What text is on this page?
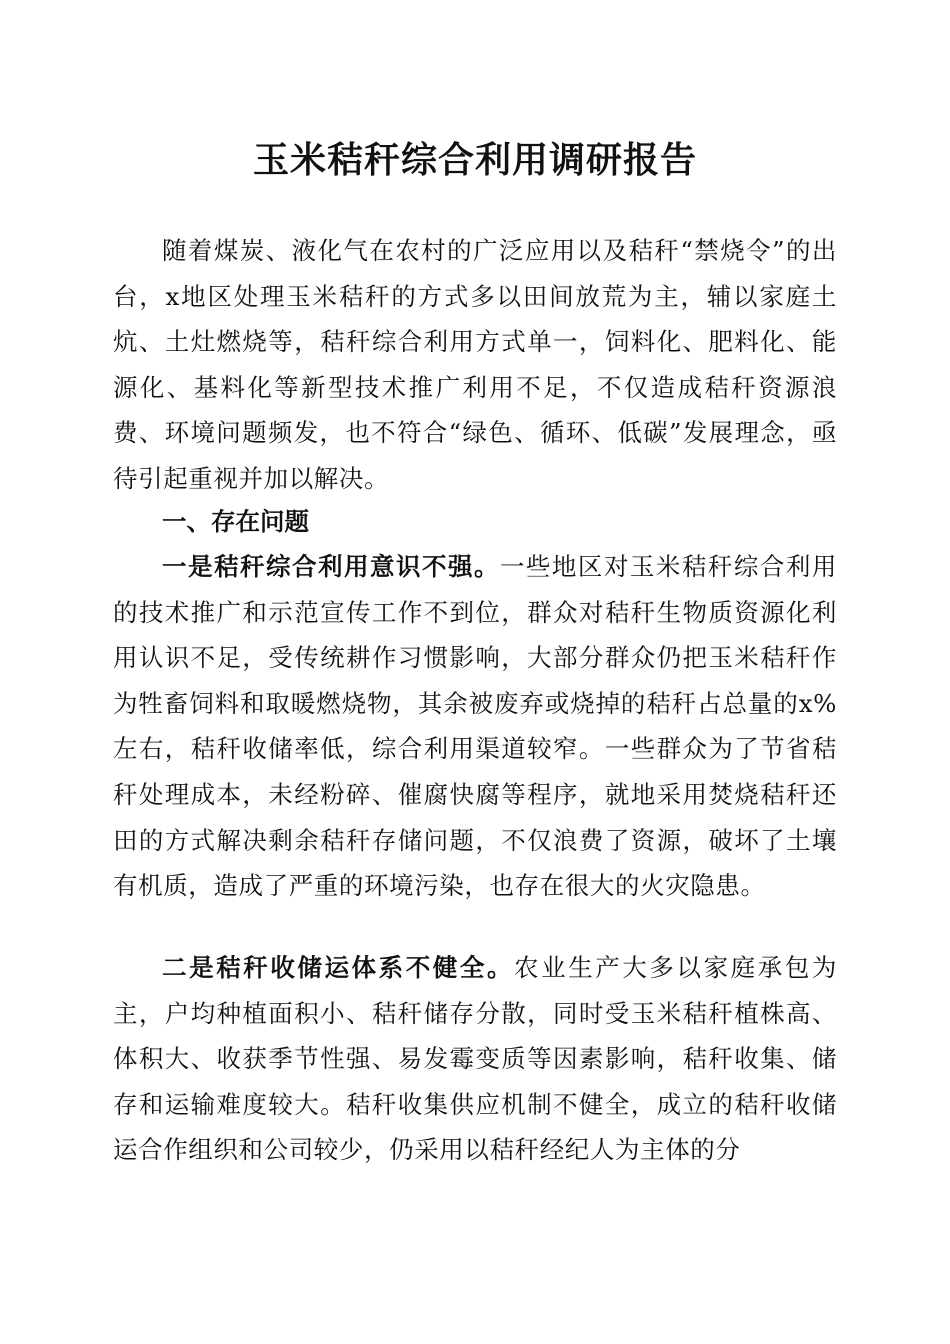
玉米秸秆综合利用调研报告

随着煤炭、液化气在农村的广泛应用以及秸秆“禁烧令”的出台，x地区处理玉米秸秆的方式多以田间放荒为主，辅以家庭土炕、土灶燃烧等，秸秆综合利用方式单一，饲料化、肥料化、能源化、基料化等新型技术推广利用不足，不仅造成秸秆资源浪费、环境问题频发，也不符合“绿色、循环、低碳”发展理念，亟待引起重视并加以解决。

一、存在问题

一是秸秆综合利用意识不强。一些地区对玉米秸秆综合利用的技术推广和示范宣传工作不到位，群众对秸秆生物质资源化利用认识不足，受传统耕作习惯影响，大部分群众仍把玉米秸秆作为牲畜饲料和取暖燃烧物，其余被废弃或烧掉的秸秆占总量的x%左右，秸秆收储率低，综合利用渠道较窄。一些群众为了节省秸秆处理成本，未经粉碎、催腐快腐等程序，就地采用焚烧秸秆还田的方式解决剩余秸秆存储问题，不仅浪费了资源，破坏了土壤有机质，造成了严重的环境污染，也存在很大的火灾隐患。

二是秸秆收储运体系不健全。农业生产大多以家庭承包为主，户均种植面积小、秸秆储存分散，同时受玉米秸秆植株高、体积大、收获季节性强、易发霉变质等因素影响，秸秆收集、储存和运输难度较大。秸秆收集供应机制不健全，成立的秸秆收储运合作组织和公司较少，仍采用以秸秆经纪人为主体的分
